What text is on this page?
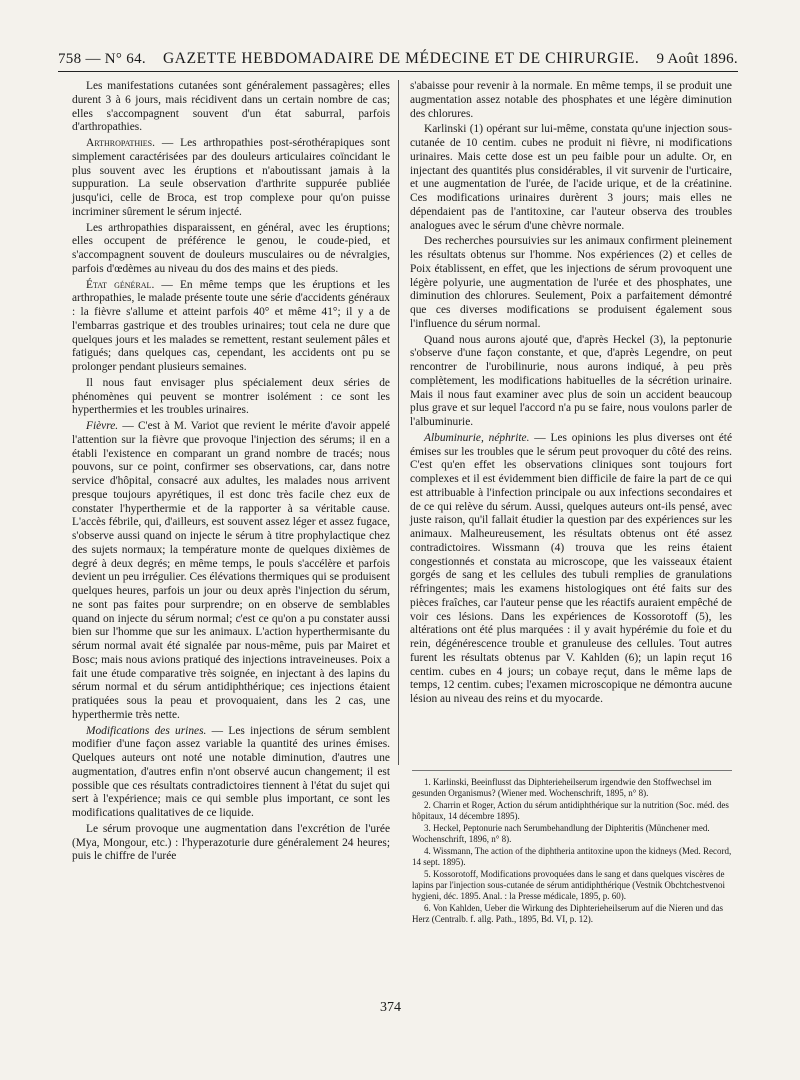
758 — N° 64. GAZETTE HEBDOMADAIRE DE MÉDECINE ET DE CHIRURGIE. 9 Août 1896.

Les manifestations cutanées sont généralement passagères; elles durent 3 à 6 jours, mais récidivent dans un certain nombre de cas; elles s'accompagnent souvent d'un état saburral, parfois d'arthropathies.

Arthropathies. — Les arthropathies post-sérothérapiques sont simplement caractérisées par des douleurs articulaires coïncidant le plus souvent avec les éruptions et n'aboutissant jamais à la suppuration. La seule observation d'arthrite suppurée publiée jusqu'ici, celle de Broca, est trop complexe pour qu'on puisse incriminer sûrement le sérum injecté.

Les arthropathies disparaissent, en général, avec les éruptions; elles occupent de préférence le genou, le coude-pied, et s'accompagnent souvent de douleurs musculaires ou de névralgies, parfois d'œdèmes au niveau du dos des mains et des pieds.

État général. — En même temps que les éruptions et les arthropathies, le malade présente toute une série d'accidents généraux : la fièvre s'allume et atteint parfois 40° et même 41°; il y a de l'embarras gastrique et des troubles urinaires; tout cela ne dure que quelques jours et les malades se remettent, restant seulement pâles et fatigués; dans quelques cas, cependant, les accidents ont pu se prolonger pendant plusieurs semaines.

Il nous faut envisager plus spécialement deux séries de phénomènes qui peuvent se montrer isolément : ce sont les hyperthermies et les troubles urinaires.

Fièvre. — C'est à M. Variot que revient le mérite d'avoir appelé l'attention sur la fièvre que provoque l'injection des sérums; il en a établi l'existence en comparant un grand nombre de tracés; nous pouvons, sur ce point, confirmer ses observations, car, dans notre service d'hôpital, consacré aux adultes, les malades nous arrivent presque toujours apyrétiques, il est donc très facile chez eux de constater l'hyperthermie et de la rapporter à sa véritable cause. L'accès fébrile, qui, d'ailleurs, est souvent assez léger et assez fugace, s'observe aussi quand on injecte le sérum à titre prophylactique chez des sujets normaux; la température monte de quelques dixièmes de degré à deux degrés; en même temps, le pouls s'accélère et parfois devient un peu irrégulier. Ces élévations thermiques qui se produisent quelques heures, parfois un jour ou deux après l'injection du sérum, ne sont pas faites pour surprendre; on en observe de semblables quand on injecte du sérum normal; c'est ce qu'on a pu constater aussi bien sur l'homme que sur les animaux. L'action hyperthermisante du sérum normal avait été signalée par nous-même, puis par Mairet et Bosc; mais nous avions pratiqué des injections intraveineuses. Poix a fait une étude comparative très soignée, en injectant à des lapins du sérum normal et du sérum antidiphthérique; ces injections étaient pratiquées sous la peau et provoquaient, dans les 2 cas, une hyperthermie très nette.

Modifications des urines. — Les injections de sérum semblent modifier d'une façon assez variable la quantité des urines émises. Quelques auteurs ont noté une notable diminution, d'autres une augmentation, d'autres enfin n'ont observé aucun changement; il est possible que ces résultats contradictoires tiennent à l'état du sujet qui sert à l'expérience; mais ce qui semble plus important, ce sont les modifications qualitatives de ce liquide.

Le sérum provoque une augmentation dans l'excrétion de l'urée (Mya, Mongour, etc.) : l'hyperazoturie dure généralement 24 heures; puis le chiffre de l'urée

s'abaisse pour revenir à la normale. En même temps, il se produit une augmentation assez notable des phosphates et une légère diminution des chlorures.

Karlinski (1) opérant sur lui-même, constata qu'une injection sous-cutanée de 10 centim. cubes ne produit ni fièvre, ni modifications urinaires. Mais cette dose est un peu faible pour un adulte. Or, en injectant des quantités plus considérables, il vit survenir de l'urticaire, et une augmentation de l'urée, de l'acide urique, et de la créatinine. Ces modifications urinaires durèrent 3 jours; mais elles ne dépendaient pas de l'antitoxine, car l'auteur observa des troubles analogues avec le sérum d'une chèvre normale.

Des recherches poursuivies sur les animaux confirment pleinement les résultats obtenus sur l'homme. Nos expériences (2) et celles de Poix établissent, en effet, que les injections de sérum provoquent une légère polyurie, une augmentation de l'urée et des phosphates, une diminution des chlorures. Seulement, Poix a parfaitement démontré que ces diverses modifications se produisent également sous l'influence du sérum normal.

Quand nous aurons ajouté que, d'après Heckel (3), la peptonurie s'observe d'une façon constante, et que, d'après Legendre, on peut rencontrer de l'urobilinurie, nous aurons indiqué, à peu près complètement, les modifications habituelles de la sécrétion urinaire. Mais il nous faut examiner avec plus de soin un accident beaucoup plus grave et sur lequel l'accord n'a pu se faire, nous voulons parler de l'albuminurie.

Albuminurie, néphrite. — Les opinions les plus diverses ont été émises sur les troubles que le sérum peut provoquer du côté des reins. C'est qu'en effet les observations cliniques sont toujours fort complexes et il est évidemment bien difficile de faire la part de ce qui est attribuable à l'infection principale ou aux infections secondaires et de ce qui relève du sérum. Aussi, quelques auteurs ont-ils pensé, avec juste raison, qu'il fallait étudier la question par des expériences sur les animaux. Malheureusement, les résultats obtenus ont été assez contradictoires. Wissmann (4) trouva que les reins étaient congestionnés et constata au microscope, que les vaisseaux étaient gorgés de sang et les cellules des tubuli remplies de granulations réfringentes; mais les examens histologiques ont été faits sur des pièces fraîches, car l'auteur pense que les réactifs auraient empêché de voir ces lésions. Dans les expériences de Kossorotoff (5), les altérations ont été plus marquées : il y avait hypérémie du foie et du rein, dégénérescence trouble et granuleuse des cellules. Tout autres furent les résultats obtenus par V. Kahlden (6); un lapin reçut 16 centim. cubes en 4 jours; un cobaye reçut, dans le même laps de temps, 12 centim. cubes; l'examen microscopique ne démontra aucune lésion au niveau des reins et du myocarde.

1. Karlinski, Beeinflusst das Diphterieheilserum irgendwie den Stoffwechsel im gesunden Organismus? (Wiener med. Wochenschrift, 1895, n° 8).

2. Charrin et Roger, Action du sérum antidiphthérique sur la nutrition (Soc. méd. des hôpitaux, 14 décembre 1895).

3. Heckel, Peptonurie nach Serumbehandlung der Diphteritis (Münchener med. Wochenschrift, 1896, n° 8).

4. Wissmann, The action of the diphtheria antitoxine upon the kidneys (Med. Record, 14 sept. 1895).

5. Kossorotoff, Modifications provoquées dans le sang et dans quelques viscères de lapins par l'injection sous-cutanée de sérum antidiphthérique (Vestnik Obchtchestvenoi hygieni, déc. 1895. Anal. : la Presse médicale, 1895, p. 60).

6. Von Kahlden, Ueber die Wirkung des Diphterieheilserum auf die Nieren und das Herz (Centralb. f. allg. Path., 1895, Bd. VI, p. 12).

374
